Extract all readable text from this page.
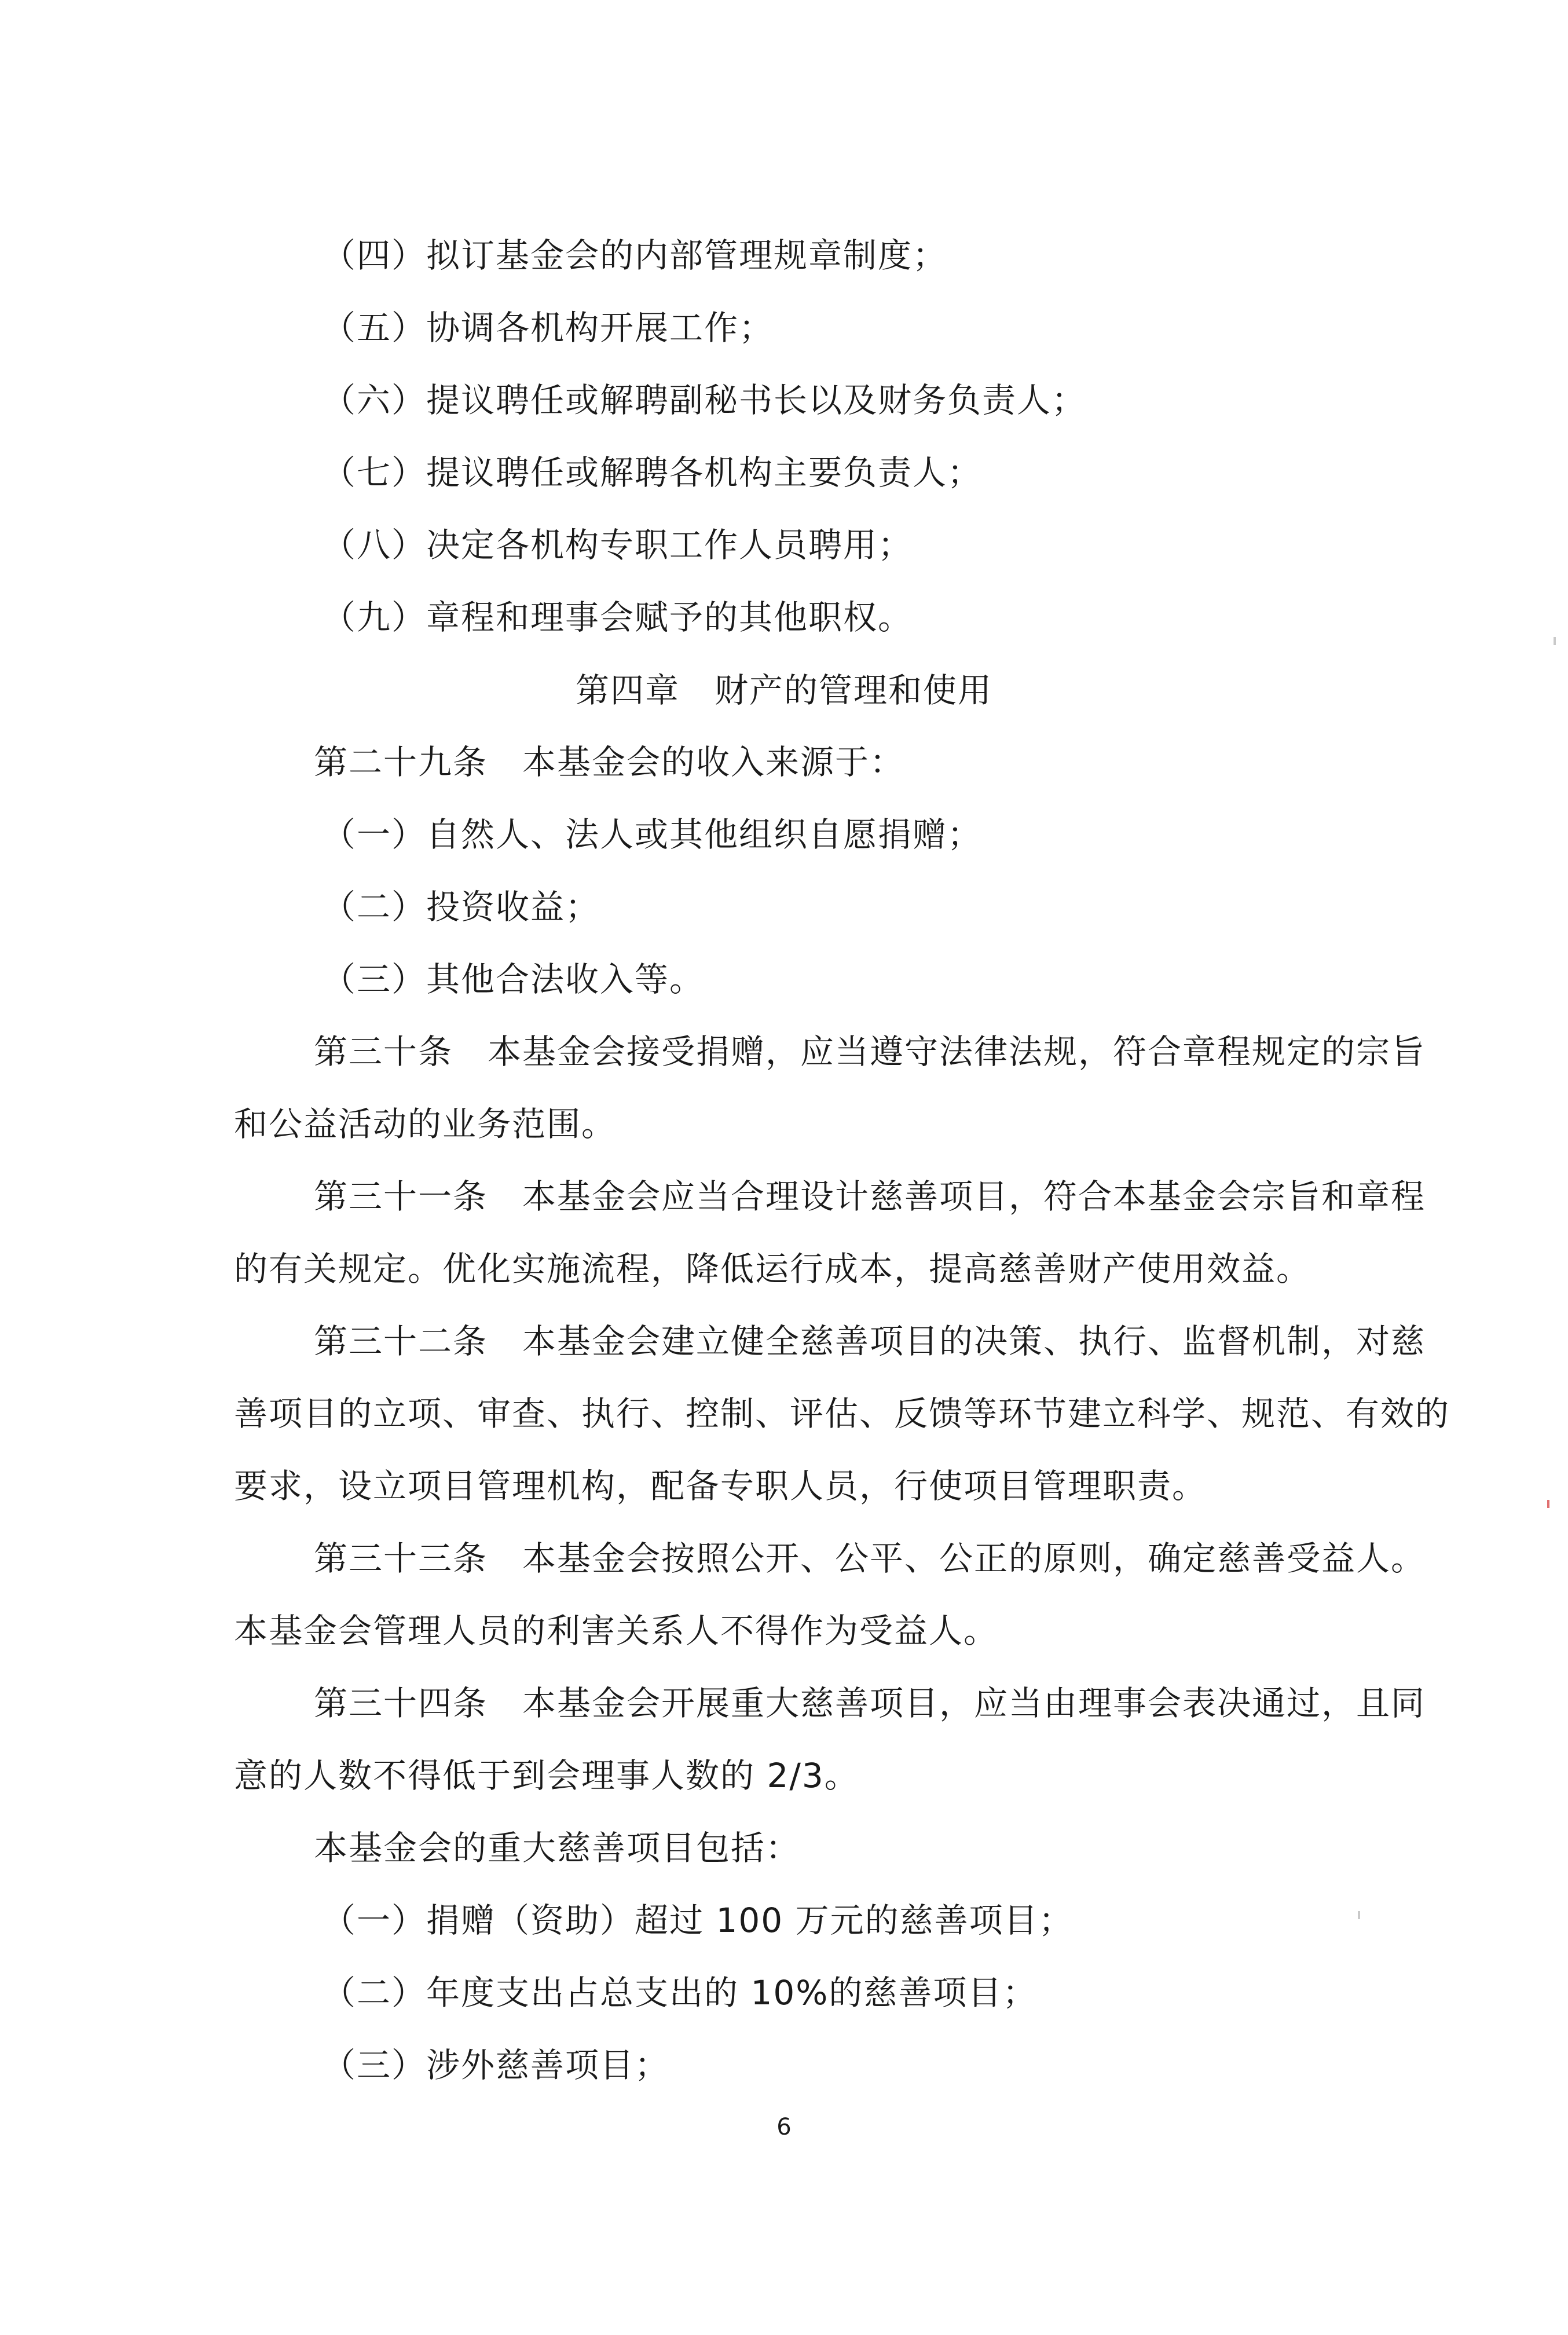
（四）拟订基金会的内部管理规章制度；
（五）协调各机构开展工作；
（六）提议聘任或解聘副秘书长以及财务负责人；
（七）提议聘任或解聘各机构主要负责人；
（八）决定各机构专职工作人员聘用；
（九）章程和理事会赋予的其他职权。
第四章　财产的管理和使用
第二十九条　本基金会的收入来源于：
（一）自然人、法人或其他组织自愿捐赠；
（二）投资收益；
（三）其他合法收入等。
第三十条　本基金会接受捐赠，应当遵守法律法规，符合章程规定的宗旨
和公益活动的业务范围。
第三十一条　本基金会应当合理设计慈善项目，符合本基金会宗旨和章程
的有关规定。优化实施流程，降低运行成本，提高慈善财产使用效益。
第三十二条　本基金会建立健全慈善项目的决策、执行、监督机制，对慈
善项目的立项、审查、执行、控制、评估、反馈等环节建立科学、规范、有效的
要求，设立项目管理机构，配备专职人员，行使项目管理职责。
第三十三条　本基金会按照公开、公平、公正的原则，确定慈善受益人。
本基金会管理人员的利害关系人不得作为受益人。
第三十四条　本基金会开展重大慈善项目，应当由理事会表决通过，且同
意的人数不得低于到会理事人数的 2/3。
本基金会的重大慈善项目包括：
（一）捐赠（资助）超过 100 万元的慈善项目；
（二）年度支出占总支出的 10%的慈善项目；
（三）涉外慈善项目；
6
